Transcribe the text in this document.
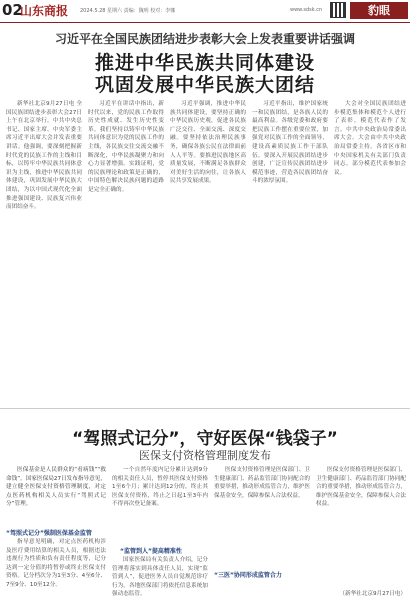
02
山东商报 2024.5.28 星期六 责编：魏明 校对：李娜	www.sdsk.cn	豹眼
习近平在全国民族团结进步表彰大会上发表重要讲话强调
推进中华民族共同体建设
巩固发展中华民族大团结

新华社北京9月27日电 全国民族团结进步表彰大会27日上午在北京举行。中共中央总书记、国家主席、中央军委主席习近平出席大会并发表重要讲话。他强调，要深刻把握新时代党的民族工作的主线和目标，以铸牢中华民族共同体意识为主线，推进中华民族共同体建设，巩固发展中华民族大团结，为以中国式现代化全面推进强国建设、民族复兴伟业而团结奋斗。

习近平在讲话中指出，新时代以来，党的民族工作取得历史性成就、发生历史性变革。我们坚持以铸牢中华民族共同体意识为党的民族工作的主线，各民族交往交流交融不断深化，中华民族凝聚力和向心力显著增强。实践证明，党的民族理论和政策是正确的，中国特色解决民族问题的道路是完全正确的。

习近平强调，推进中华民族共同体建设，要坚持正确的中华民族历史观，促进各民族广泛交往、全面交流、深度交融。要坚持依法治理民族事务，确保各族公民在法律面前人人平等。要推进民族地区高质量发展，不断满足各族群众对美好生活的向往，让各族人民共享发展成果。

习近平指出，维护国家统一和民族团结，是各族人民的最高利益。各级党委和政府要把民族工作摆在重要位置，加强党对民族工作的全面领导，建设高素质民族工作干部队伍。要深入开展民族团结进步创建，广泛宣传民族团结进步模范事迹，营造各民族团结奋斗的浓厚氛围。

大会对全国民族团结进步模范集体和模范个人进行了表彰。模范代表作了发言。中共中央政治局常委出席大会。大会由中共中央政治局常委主持。各省区市和中央国家机关有关部门负责同志，部分模范代表参加会议。

“驾照式记分”，守好医保“钱袋子”
医保支付资格管理制度发布

医保基金是人民群众的“看病钱”“救命钱”。国家医保局27日发布指导意见，建立健全医保支付资格管理制度，对定点医药机构相关人员实行“驾照式记分”管理。

“驾照式记分”强制医保基金监管

指导意见明确，对定点医药机构涉及医疗费用结算的相关人员，根据违法违规行为性质和负有责任程度等，记分达到一定分值的将暂停或终止医保支付资格。记分档次分为1至3分、4至6分、7至9分、10至12分。

一个自然年度内记分累计达到9分的相关责任人员，暂停其医保支付资格1至6个月；累计达到12分的，终止其医保支付资格，终止之日起1至3年内不得再次登记备案。

“监管到人”提高精准性

国家医保局有关负责人介绍，记分管理将落实到具体责任人员，实现“监管到人”，促进医务人员自觉规范诊疗行为。各地医保部门将依托信息系统加强动态监管。

“三医”协同形成监管合力

医保支付资格管理是医保部门、卫生健康部门、药品监管部门协同配合的重要举措，推动形成监管合力，维护医保基金安全，保障参保人合法权益。

医保支付资格管理是医保部门、卫生健康部门、药品监管部门协同配合的重要举措，推动形成监管合力，维护医保基金安全，保障参保人合法权益。

（新华社北京9月27日电）
